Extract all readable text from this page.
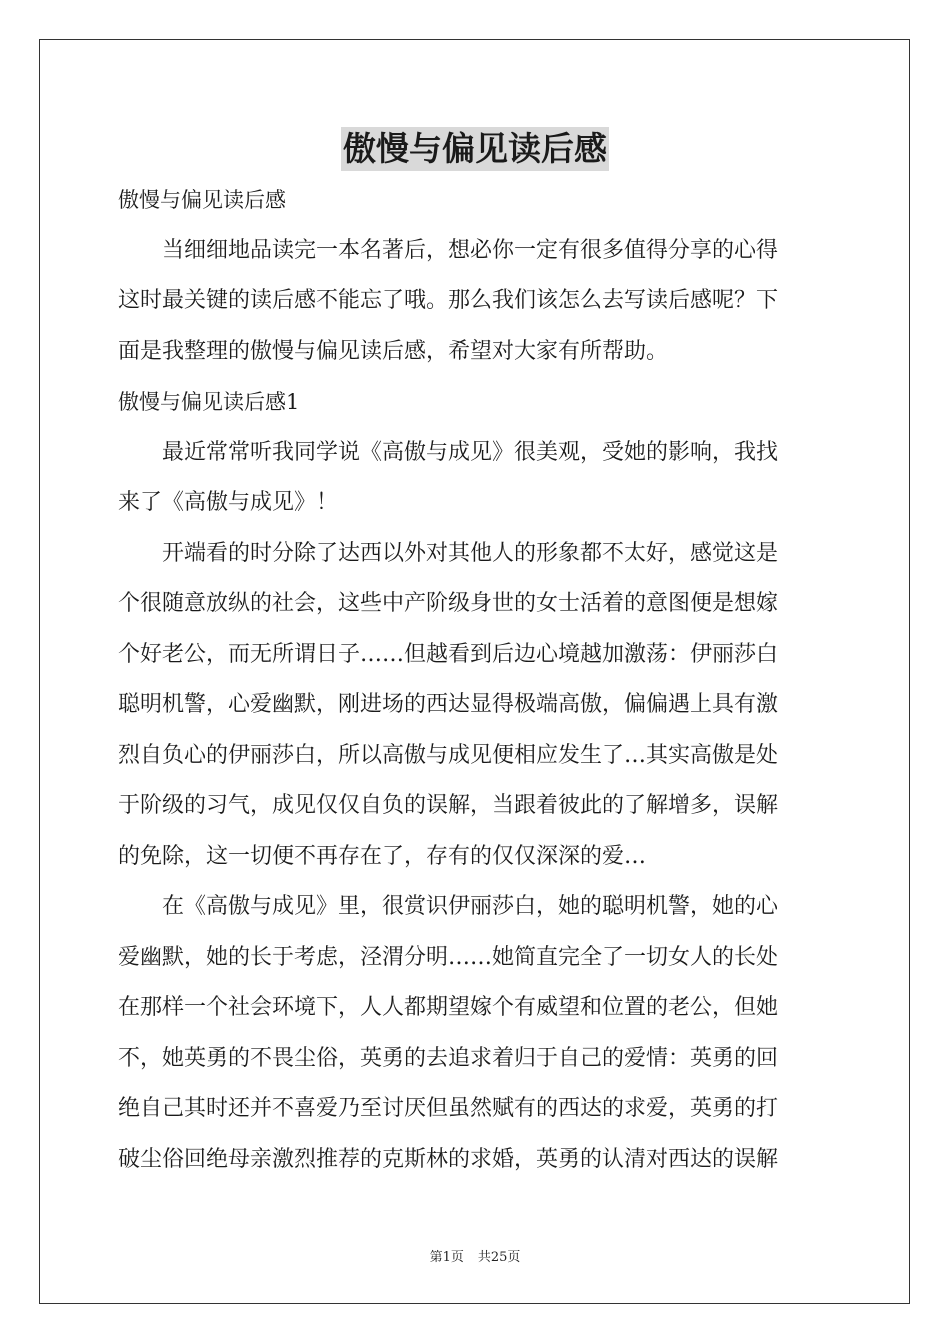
傲慢与偏见读后感
傲慢与偏见读后感
当细细地品读完一本名著后，想必你一定有很多值得分享的心得
这时最关键的读后感不能忘了哦。那么我们该怎么去写读后感呢？下
面是我整理的傲慢与偏见读后感，希望对大家有所帮助。
傲慢与偏见读后感1
最近常常听我同学说《高傲与成见》很美观，受她的影响，我找
来了《高傲与成见》！
开端看的时分除了达西以外对其他人的形象都不太好，感觉这是
个很随意放纵的社会，这些中产阶级身世的女士活着的意图便是想嫁
个好老公，而无所谓日子……但越看到后边心境越加激荡：伊丽莎白
聪明机警，心爱幽默，刚进场的西达显得极端高傲，偏偏遇上具有激
烈自负心的伊丽莎白，所以高傲与成见便相应发生了…其实高傲是处
于阶级的习气，成见仅仅自负的误解，当跟着彼此的了解增多，误解
的免除，这一切便不再存在了，存有的仅仅深深的爱…
在《高傲与成见》里，很赏识伊丽莎白，她的聪明机警，她的心
爱幽默，她的长于考虑，泾渭分明……她简直完全了一切女人的长处
在那样一个社会环境下，人人都期望嫁个有威望和位置的老公，但她
不，她英勇的不畏尘俗，英勇的去追求着归于自己的爱情：英勇的回
绝自己其时还并不喜爱乃至讨厌但虽然赋有的西达的求爱，英勇的打
破尘俗回绝母亲激烈推荐的克斯林的求婚，英勇的认清对西达的误解
第1页 共25页
